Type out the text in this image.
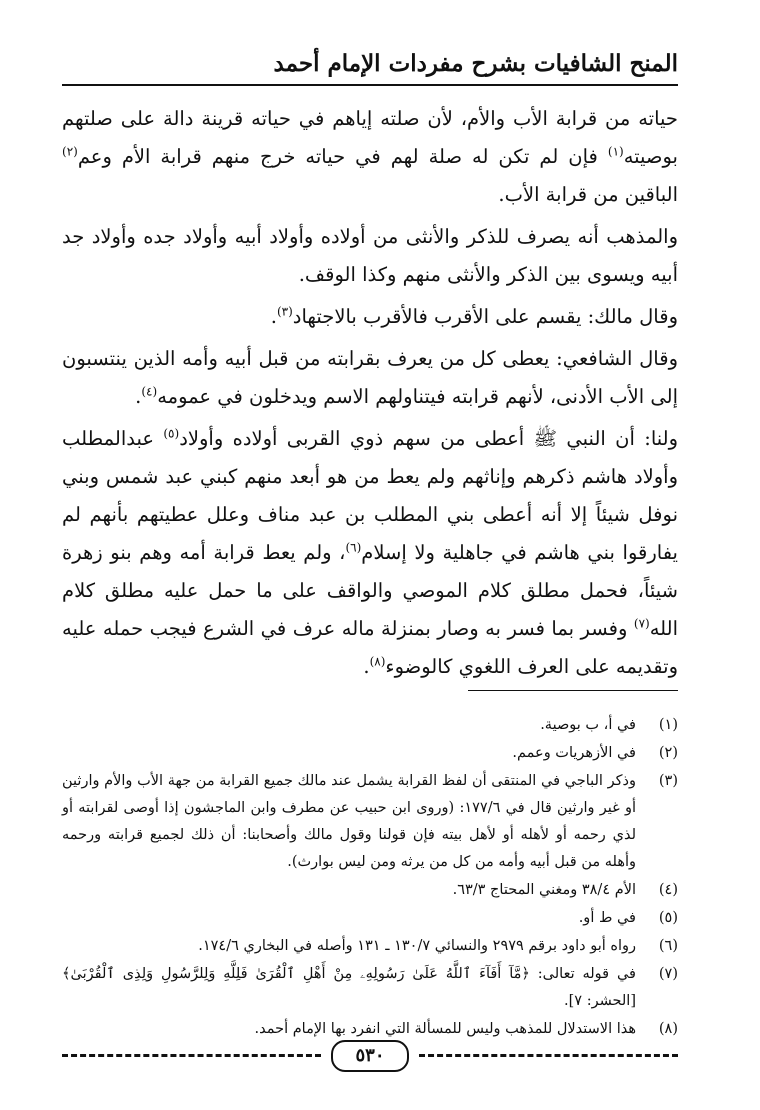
المنح الشافيات بشرح مفردات الإمام أحمد

حياته من قرابة الأب والأم، لأن صلته إياهم في حياته قرينة دالة على صلتهم بوصيته$^{(١)}$ فإن لم تكن له صلة لهم في حياته خرج منهم قرابة الأم وعم$^{(٢)}$ الباقين من قرابة الأب.

والمذهب أنه يصرف للذكر والأنثى من أولاده وأولاد أبيه وأولاد جده وأولاد جد أبيه ويسوى بين الذكر والأنثى منهم وكذا الوقف.

وقال مالك: يقسم على الأقرب فالأقرب بالاجتهاد$^{(٣)}$.

وقال الشافعي: يعطى كل من يعرف بقرابته من قبل أبيه وأمه الذين ينتسبون إلى الأب الأدنى، لأنهم قرابته فيتناولهم الاسم ويدخلون في عمومه$^{(٤)}$.

ولنا: أن النبي ﷺ أعطى من سهم ذوي القربى أولاده وأولاد$^{(٥)}$ عبدالمطلب وأولاد هاشم ذكرهم وإناثهم ولم يعط من هو أبعد منهم كبني عبد شمس وبني نوفل شيئاً إلا أنه أعطى بني المطلب بن عبد مناف وعلل عطيتهم بأنهم لم يفارقوا بني هاشم في جاهلية ولا إسلام$^{(٦)}$، ولم يعط قرابة أمه وهم بنو زهرة شيئاً، فحمل مطلق كلام الموصي والواقف على ما حمل عليه مطلق كلام الله$^{(٧)}$ وفسر بما فسر به وصار بمنزلة ماله عرف في الشرع فيجب حمله عليه وتقديمه على العرف اللغوي كالوضوء$^{(٨)}$.

(١)
في أ، ب بوصية.
(٢)
في الأزهريات وعمم.
(٣)
وذكر الباجي في المنتقى أن لفظ القرابة يشمل عند مالك جميع القرابة من جهة الأب والأم وارثين أو غير وارثين قال في ١٧٧/٦: (وروى ابن حبيب عن مطرف وابن الماجشون إذا أوصى لقرابته أو لذي رحمه أو لأهله أو لأهل بيته فإن قولنا وقول مالك وأصحابنا: أن ذلك لجميع قرابته ورحمه وأهله من قبل أبيه وأمه من كل من يرثه ومن ليس بوارث).
(٤)
الأم ٣٨/٤ ومغني المحتاج ٦٣/٣.
(٥)
في ط أو.
(٦)
رواه أبو داود برقم ٢٩٧٩ والنسائي ١٣٠/٧ ـ ١٣١ وأصله في البخاري ١٧٤/٦.
(٧)
في قوله تعالى: ﴿مَّآ أَفَآءَ ٱللَّهُ عَلَىٰ رَسُولِهِۦ مِنْ أَهْلِ ٱلْقُرَىٰ فَلِلَّهِ وَلِلرَّسُولِ وَلِذِى ٱلْقُرْبَىٰ﴾ [الحشر: ٧].
(٨)
هذا الاستدلال للمذهب وليس للمسألة التي انفرد بها الإمام أحمد.
٥٣٠
